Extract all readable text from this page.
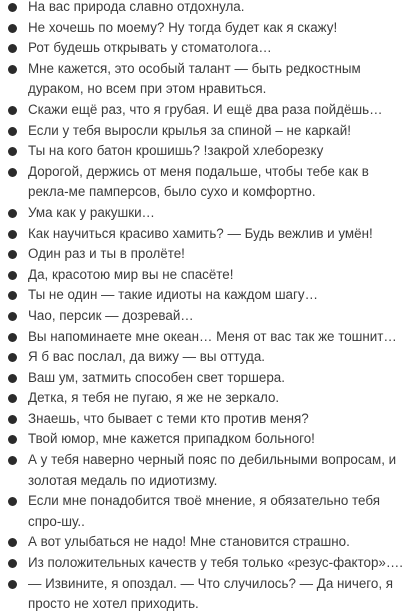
На вас природа славно отдохнула.
Не хочешь по моему? Ну тогда будет как я скажу!
Рот будешь открывать у стоматолога…
Мне кажется, это особый талант — быть редкостным дураком, но всем при этом нравиться.
Скажи ещё раз, что я грубая. И ещё два раза пойдёшь…
Если у тебя выросли крылья за спиной – не каркай!
Ты на кого батон крошишь? !закрой хлеборезку
Дорогой, держись от меня подальше, чтобы тебе как в рекла-ме памперсов, было сухо и комфортно.
Ума как у ракушки…
Как научиться красиво хамить? — Будь вежлив и умён!
Один раз и ты в пролёте!
Да, красотою мир вы не спасёте!
Ты не один — такие идиоты на каждом шагу…
Чао, персик — дозревай…
Вы напоминаете мне океан… Меня от вас так же тошнит…
Я б вас послал, да вижу — вы оттуда.
Ваш ум, затмить способен свет торшера.
Детка, я тебя не пугаю, я же не зеркало.
Знаешь, что бывает с теми кто против меня?
Твой юмор, мне кажется припадком больного!
А у тебя наверно черный пояс по дебильными вопросам, и золотая медаль по идиотизму.
Если мне понадобится твоё мнение, я обязательно тебя спро-шу..
А вот улыбаться не надо! Мне становится страшно.
Из положительных качеств у тебя только «резус-фактор»….
— Извините, я опоздал. — Что случилось? — Да ничего, я просто не хотел приходить.
